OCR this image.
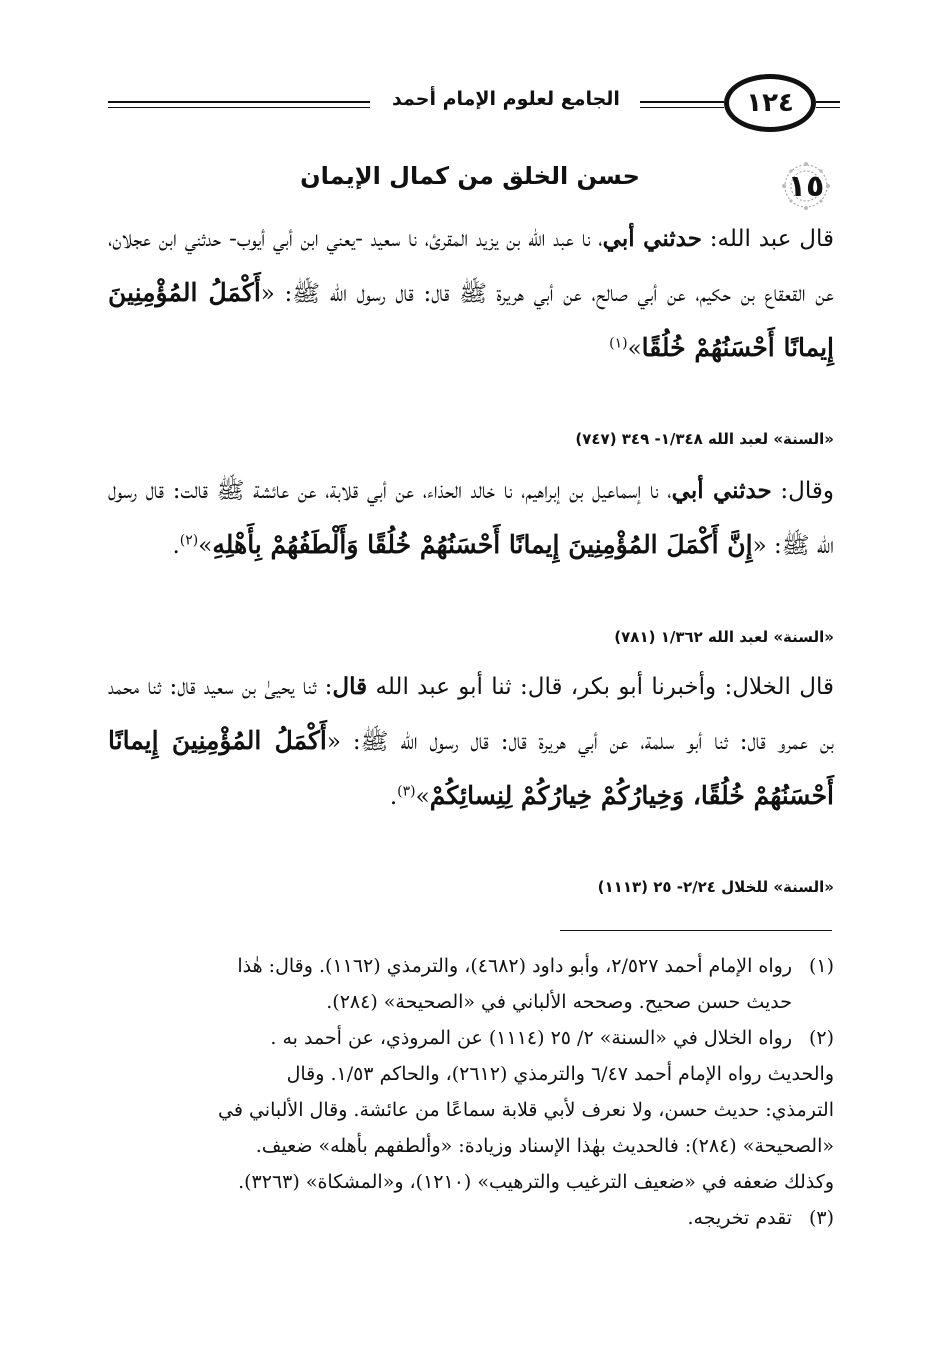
١٢٤
الجامع لعلوم الإمام أحمد
١٥
حسن الخلق من كمال الإيمان
قال عبد الله: حدثني أبي، نا عبد الله بن يزيد المقرئ، نا سعيد -يعني ابن أبي أيوب- حدثني ابن عجلان، عن القعقاع بن حكيم، عن أبي صالح، عن أبي هريرة ﷺ قال: قال رسول الله ﷺ: «أَكْمَلُ المُؤْمِنِينَ إِيمانًا أَحْسَنُهُمْ خُلُقًا»$^{(١)}$
«السنة» لعبد الله ١/٣٤٨- ٣٤٩ (٧٤٧)
وقال: حدثني أبي، نا إسماعيل بن إبراهيم، نا خالد الحذاء، عن أبي قلابة، عن عائشة ﷺ قالت: قال رسول الله ﷺ: «إِنَّ أَكْمَلَ المُؤْمِنِينَ إِيمانًا أَحْسَنُهُمْ خُلُقًا وَأَلْطَفُهُمْ بِأَهْلِهِ»$^{(٢)}$.
«السنة» لعبد الله ١/٣٦٢ (٧٨١)
قال الخلال: وأخبرنا أبو بكر، قال: ثنا أبو عبد الله قال: ثنا يحيىٰ بن سعيد قال: ثنا محمد بن عمرو قال: ثنا أبو سلمة، عن أبي هريرة قال: قال رسول الله ﷺ: «أَكْمَلُ المُؤْمِنِينَ إِيمانًا أَحْسَنُهُمْ خُلُقًا، وَخِيارُكُمْ خِيارُكُمْ لِنِسائِكُمْ»$^{(٣)}$.
«السنة» للخلال ٢/٢٤- ٢٥ (١١١٣)
(١)
رواه الإمام أحمد ٢/٥٢٧، وأبو داود (٤٦٨٢)، والترمذي (١١٦٢). وقال: هٰذا
حديث حسن صحيح. وصححه الألباني في «الصحيحة» (٢٨٤).
(٢)
رواه الخلال في «السنة» ٢/ ٢٥ (١١١٤) عن المروذي، عن أحمد به .
والحديث رواه الإمام أحمد ٦/٤٧ والترمذي (٢٦١٢)، والحاكم ١/٥٣. وقال
الترمذي: حديث حسن، ولا نعرف لأبي قلابة سماعًا من عائشة. وقال الألباني في
«الصحيحة» (٢٨٤): فالحديث بهٰذا الإسناد وزيادة: «وألطفهم بأهله» ضعيف.
وكذلك ضعفه في «ضعيف الترغيب والترهيب» (١٢١٠)، و«المشكاة» (٣٢٦٣).
(٣)
تقدم تخريجه.
